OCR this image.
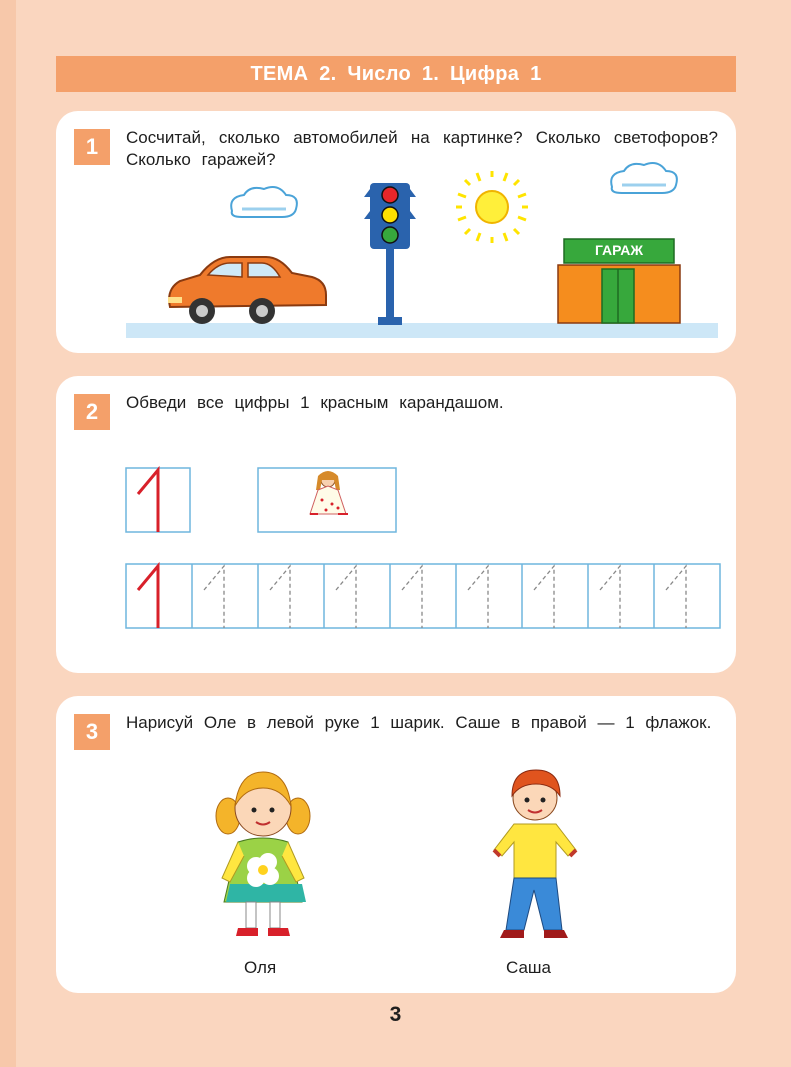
ТЕМА 2. Число 1. Цифра 1
1	Сосчитай, сколько автомобилей на картинке? Сколько светофоров? Сколько гаражей?
ГАРАЖ
2	Обведи все цифры 1 красным карандашом.
3	Нарисуй Оле в левой руке 1 шарик. Саше в правой — 1 флажок.
Оля	Саша
3
